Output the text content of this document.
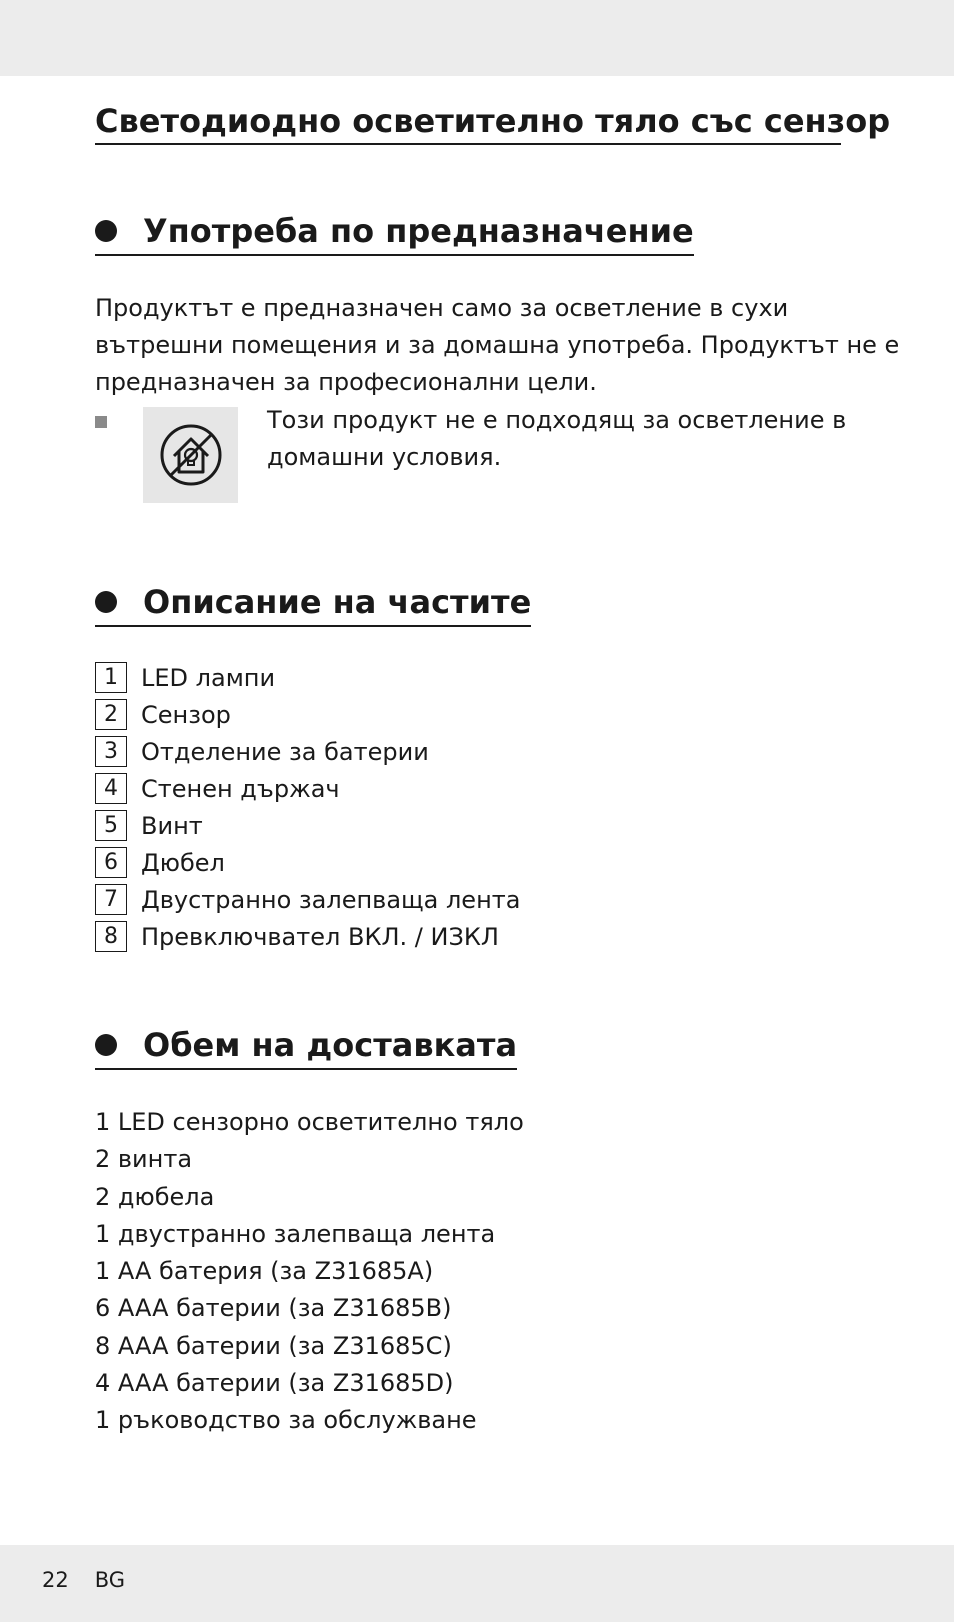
Светодиодно осветително тяло със сензор
Употреба по предназначение
Продуктът е предназначен само за осветление в сухи
вътрешни помещения и за домашна употреба. Продуктът не е
предназначен за професионални цели.
Този продукт не е подходящ за осветление в
домашни условия.
Описание на частите
1 LED лампи
2 Сензор
3 Отделение за батерии
4 Стенен държач
5 Винт
6 Дюбел
7 Двустранно залепваща лента
8 Превключвател ВКЛ. / ИЗКЛ
Обем на доставката
1 LED сензорно осветително тяло
2 винта
2 дюбела
1 двустранно залепваща лента
1 AA батерия (за Z31685A)
6 AAA батерии (за Z31685B)
8 AAA батерии (за Z31685C)
4 AAA батерии (за Z31685D)
1 ръководство за обслужване
22 BG
